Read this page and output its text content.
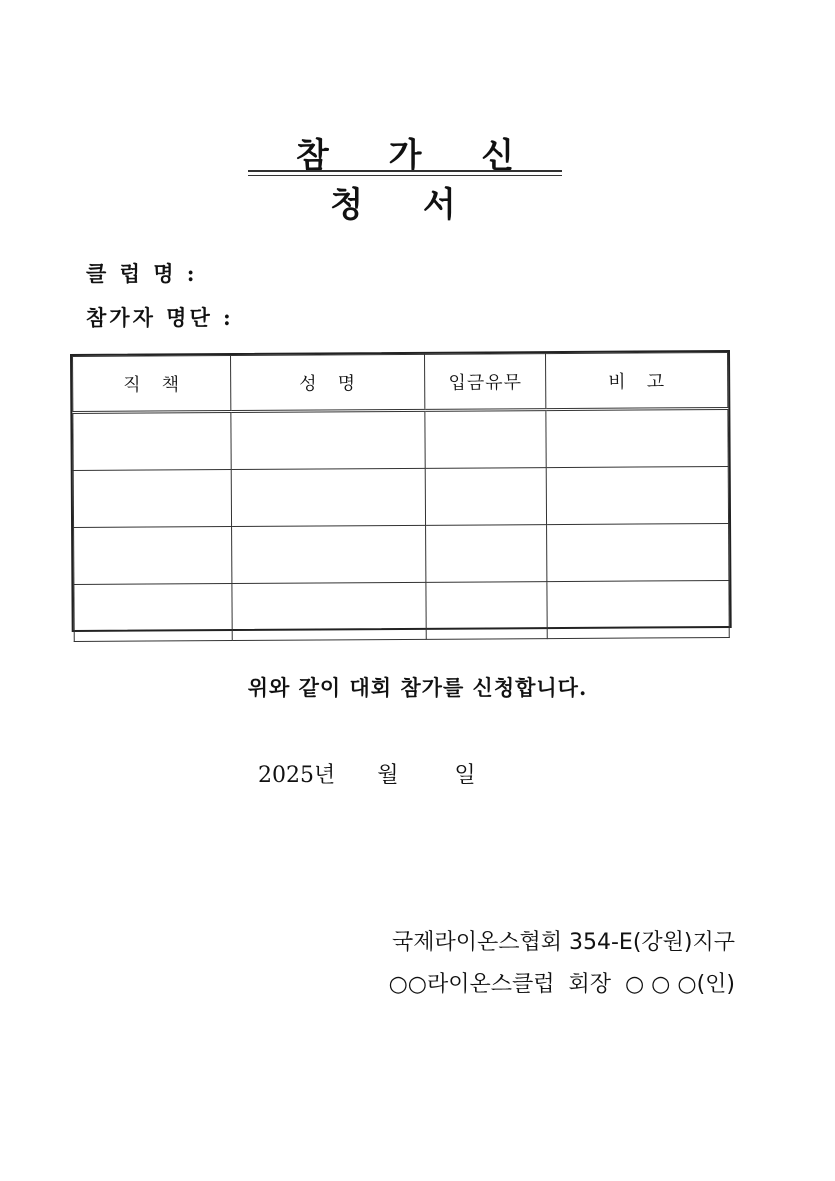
참 가 신 청 서
클 럽 명 :
참가자 명단 :
직   책	성   명	입금유무	비   고

위와 같이 대회 참가를 신청합니다.
2025년      월        일
국제라이온스협회 354-E(강원)지구
○○라이온스클럽  회장  ○ ○ ○(인)
